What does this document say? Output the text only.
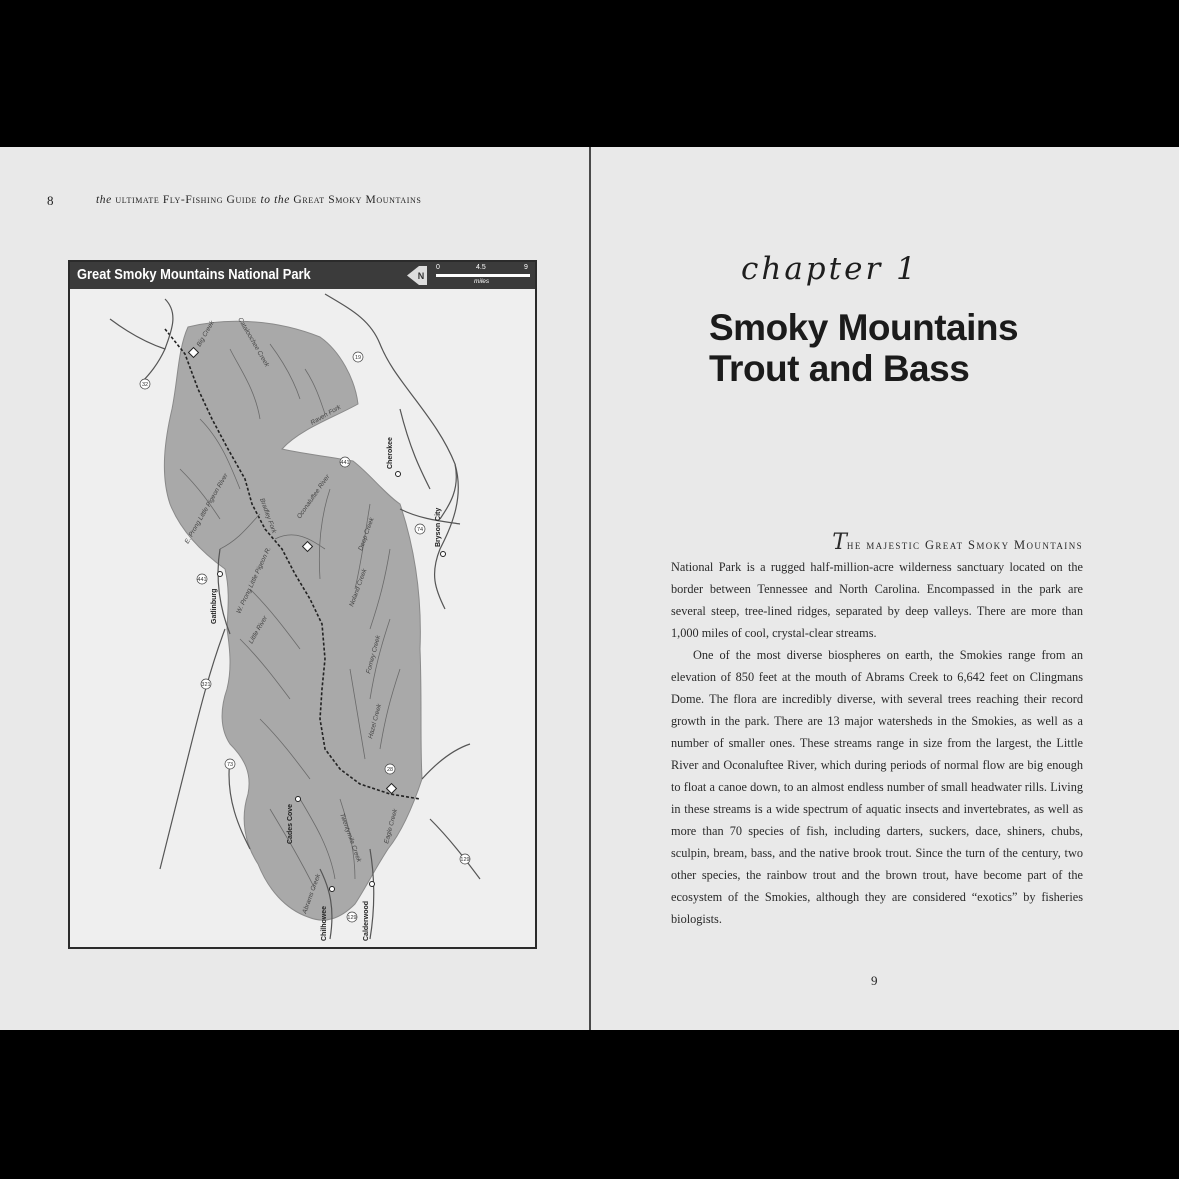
8	the ultimate Fly-Fishing Guide to the Great Smoky Mountains
Great Smoky Mountains National Park	N
0	4.5	9
miles
32
19
441
74
321
441
73
129
28
129
Cherokee
Bryson City
Gatlinburg
Cades Cove
Chilhowee	Calderwood
Big Creek	Cataloochee Creek
Oconaluftee River
Raven Fork
Deep Creek
Noland Creek
Forney Creek
Hazel Creek
Eagle Creek
Abrams Creek
Little River
E. Prong Little Pigeon River
W. Prong Little Pigeon R.
Bradley Fork
Twentymile Creek
chapter 1
Smoky Mountains
Trout and Bass
The majestic Great Smoky Mountains

National Park is a rugged half-million-acre wilderness sanctuary located on the border between Tennessee and North Carolina. Encompassed in the park are several steep, tree-lined ridges, separated by deep valleys. There are more than 1,000 miles of cool, crystal-clear streams.

One of the most diverse biospheres on earth, the Smokies range from an elevation of 850 feet at the mouth of Abrams Creek to 6,642 feet on Clingmans Dome. The flora are incredibly diverse, with several trees reaching their record growth in the park. There are 13 major watersheds in the Smokies, as well as a number of smaller ones. These streams range in size from the largest, the Little River and Oconaluftee River, which during periods of normal flow are big enough to float a canoe down, to an almost endless number of small headwater rills. Living in these streams is a wide spectrum of aquatic insects and invertebrates, as well as more than 70 species of fish, including darters, suckers, dace, shiners, chubs, sculpin, bream, bass, and the native brook trout. Since the turn of the century, two other species, the rainbow trout and the brown trout, have become part of the ecosystem of the Smokies, although they are considered “exotics” by fisheries biologists.

9
